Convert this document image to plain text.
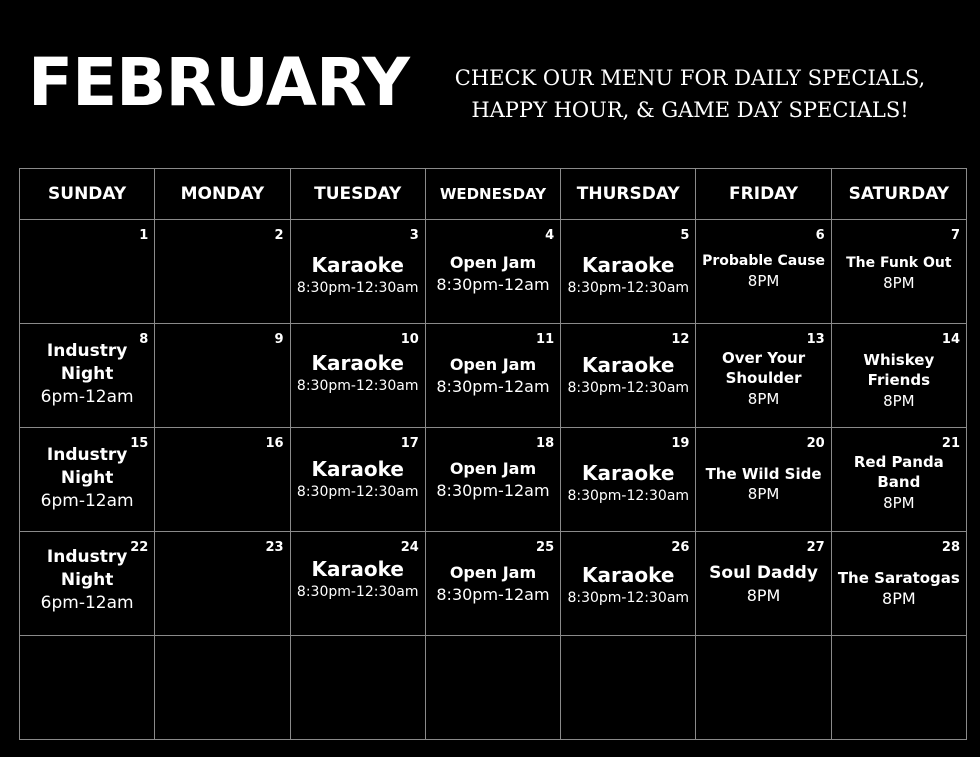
FEBRUARY	CHECK OUR MENU FOR DAILY SPECIALS,
HAPPY HOUR, & GAME DAY SPECIALS!
SUNDAY	MONDAY	TUESDAY	WEDNESDAY	THURSDAY	FRIDAY	SATURDAY

1	2	3
Karaoke
8:30pm-12:30am	4
Open Jam
8:30pm-12am	5
Karaoke
8:30pm-12:30am	6
Probable Cause
8PM	7
The Funk Out
8PM

8
Industry
Night
6pm-12am	9	10
Karaoke
8:30pm-12:30am	11
Open Jam
8:30pm-12am	12
Karaoke
8:30pm-12:30am	13
Over Your
Shoulder
8PM	14
Whiskey
Friends
8PM

15
Industry
Night
6pm-12am	16	17
Karaoke
8:30pm-12:30am	18
Open Jam
8:30pm-12am	19
Karaoke
8:30pm-12:30am	20
The Wild Side
8PM	21
Red Panda
Band
8PM

22
Industry
Night
6pm-12am	23	24
Karaoke
8:30pm-12:30am	25
Open Jam
8:30pm-12am	26
Karaoke
8:30pm-12:30am	27
Soul Daddy
8PM	28
The Saratogas
8PM
